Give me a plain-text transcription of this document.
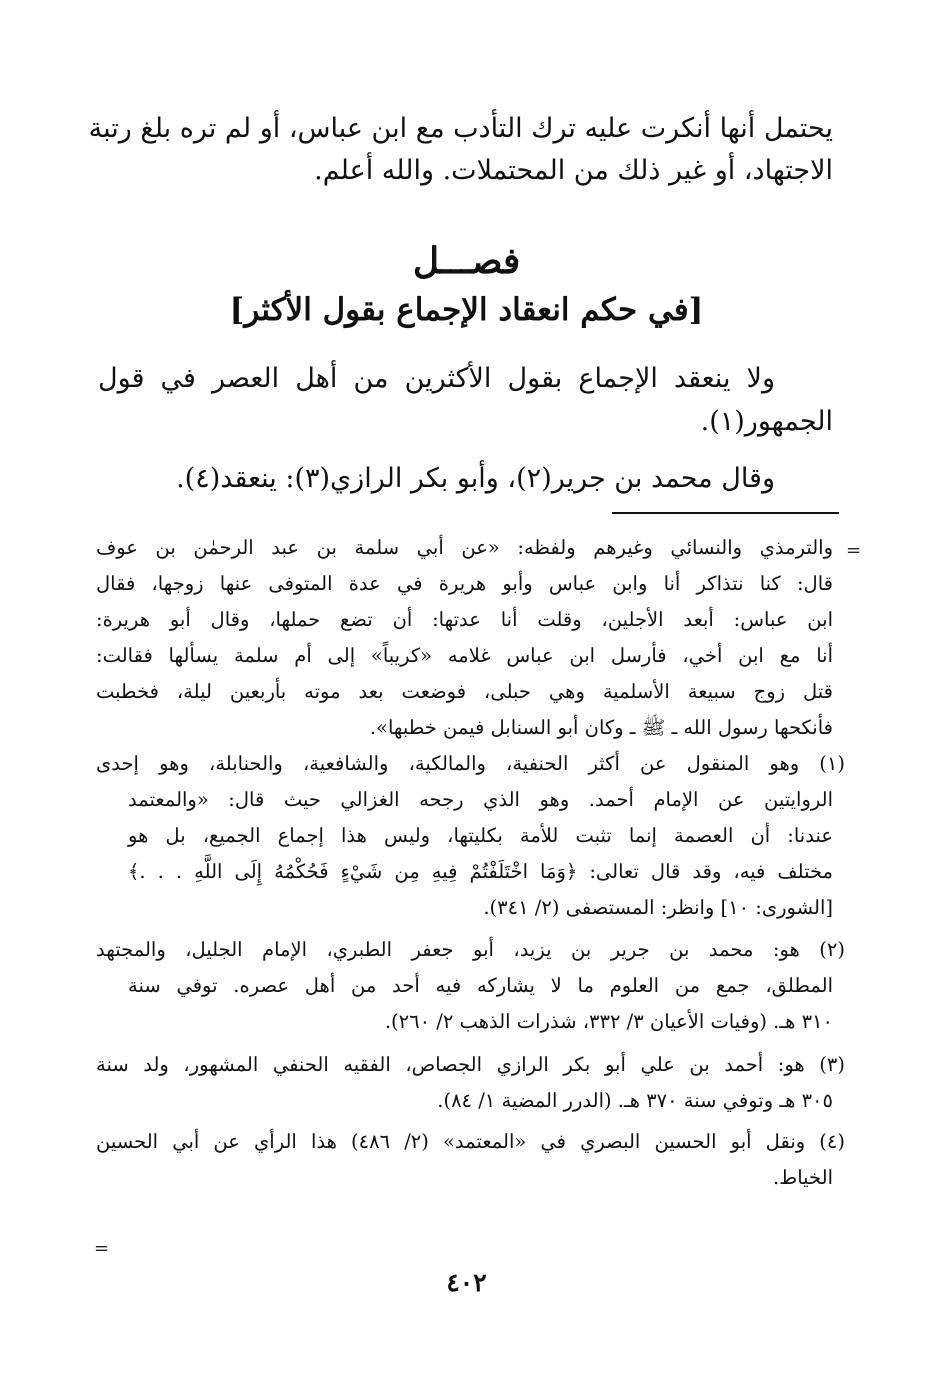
يحتمل أنها أنكرت عليه ترك التأدب مع ابن عباس، أو لم تره بلغ رتبة
الاجتهاد، أو غير ذلك من المحتملات. والله أعلم.
فصـــل
[في حكم انعقاد الإجماع بقول الأكثر]
ولا ينعقد الإجماع بقول الأكثرين من أهل العصر في قول
الجمهور(١).
وقال محمد بن جرير(٢)، وأبو بكر الرازي(٣): ينعقد(٤).
=
والترمذي والنسائي وغيرهم ولفظه: «عن أبي سلمة بن عبد الرحمٰن بن عوف
قال: كنا نتذاكر أنا وابن عباس وأبو هريرة في عدة المتوفى عنها زوجها، فقال
ابن عباس: أبعد الأجلين، وقلت أنا عدتها: أن تضع حملها، وقال أبو هريرة:
أنا مع ابن أخي، فأرسل ابن عباس غلامه «كريباً» إلى أم سلمة يسألها فقالت:
قتل زوج سبيعة الأسلمية وهي حبلى، فوضعت بعد موته بأربعين ليلة، فخطبت
فأنكحها رسول الله ـ ﷺ ـ وكان أبو السنابل فيمن خطبها».
(١) وهو المنقول عن أكثر الحنفية، والمالكية، والشافعية، والحنابلة، وهو إحدى
الروايتين عن الإمام أحمد. وهو الذي رجحه الغزالي حيث قال: «والمعتمد
عندنا: أن العصمة إنما تثبت للأمة بكليتها، وليس هذا إجماع الجميع، بل هو
مختلف فيه، وقد قال تعالى: ﴿وَمَا اخْتَلَفْتُمْ فِيهِ مِن شَيْءٍ فَحُكْمُهُ إِلَى اللَّهِ . . .﴾
[الشورى: ١٠] وانظر: المستصفى (٢/ ٣٤١).
(٢) هو: محمد بن جرير بن يزيد، أبو جعفر الطبري، الإمام الجليل، والمجتهد
المطلق، جمع من العلوم ما لا يشاركه فيه أحد من أهل عصره. توفي سنة
٣١٠ هـ. (وفيات الأعيان ٣/ ٣٣٢، شذرات الذهب ٢/ ٢٦٠).
(٣) هو: أحمد بن علي أبو بكر الرازي الجصاص، الفقيه الحنفي المشهور، ولد سنة
٣٠٥ هـ وتوفي سنة ٣٧٠ هـ. (الدرر المضية ١/ ٨٤).
(٤) ونقل أبو الحسين البصري في «المعتمد» (٢/ ٤٨٦) هذا الرأي عن أبي الحسين
الخياط.
=
٤٠٢
